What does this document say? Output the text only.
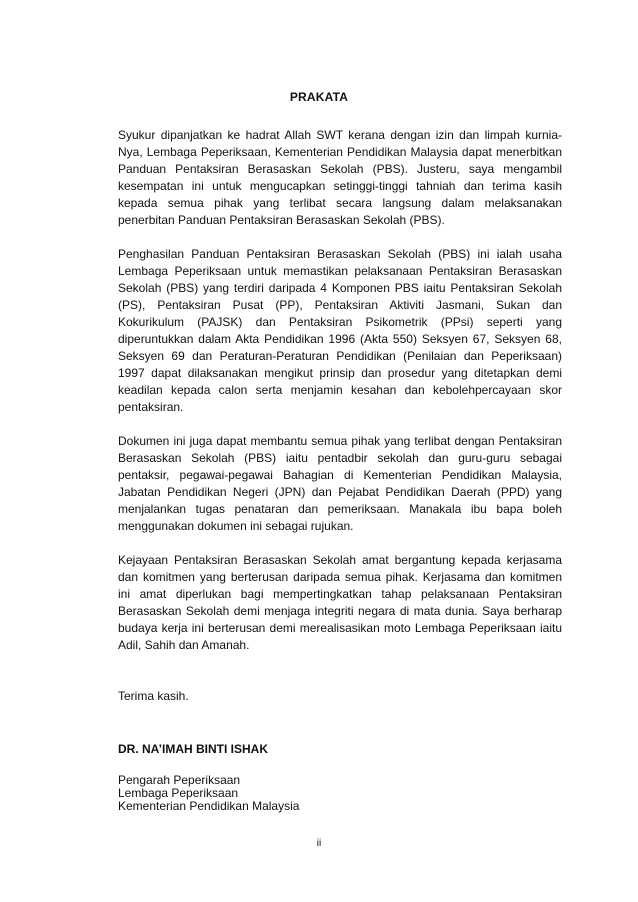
PRAKATA

Syukur dipanjatkan ke hadrat Allah SWT kerana dengan izin dan limpah kurnia-Nya, Lembaga Peperiksaan, Kementerian Pendidikan Malaysia dapat menerbitkan Panduan Pentaksiran Berasaskan Sekolah (PBS). Justeru, saya mengambil kesempatan ini untuk mengucapkan setinggi-tinggi tahniah dan terima kasih kepada semua pihak yang terlibat secara langsung dalam melaksanakan penerbitan Panduan Pentaksiran Berasaskan Sekolah (PBS).

Penghasilan Panduan Pentaksiran Berasaskan Sekolah (PBS) ini ialah usaha Lembaga Peperiksaan untuk memastikan pelaksanaan Pentaksiran Berasaskan Sekolah (PBS) yang terdiri daripada 4 Komponen PBS iaitu Pentaksiran Sekolah (PS), Pentaksiran Pusat (PP), Pentaksiran Aktiviti Jasmani, Sukan dan Kokurikulum (PAJSK) dan Pentaksiran Psikometrik (PPsi) seperti yang diperuntukkan dalam Akta Pendidikan 1996 (Akta 550) Seksyen 67, Seksyen 68, Seksyen 69 dan Peraturan-Peraturan Pendidikan (Penilaian dan Peperiksaan) 1997 dapat dilaksanakan mengikut prinsip dan prosedur yang ditetapkan demi keadilan kepada calon serta menjamin kesahan dan kebolehpercayaan skor pentaksiran.

Dokumen ini juga dapat membantu semua pihak yang terlibat dengan Pentaksiran Berasaskan Sekolah (PBS) iaitu pentadbir sekolah dan guru-guru sebagai pentaksir, pegawai-pegawai Bahagian di Kementerian Pendidikan Malaysia, Jabatan Pendidikan Negeri (JPN) dan Pejabat Pendidikan Daerah (PPD) yang menjalankan tugas penataran dan pemeriksaan. Manakala ibu bapa boleh menggunakan dokumen ini sebagai rujukan.

Kejayaan Pentaksiran Berasaskan Sekolah amat bergantung kepada kerjasama dan komitmen yang berterusan daripada semua pihak. Kerjasama dan komitmen ini amat diperlukan bagi mempertingkatkan tahap pelaksanaan Pentaksiran Berasaskan Sekolah demi menjaga integriti negara di mata dunia. Saya berharap budaya kerja ini berterusan demi merealisasikan moto Lembaga Peperiksaan iaitu Adil, Sahih dan Amanah.

Terima kasih.

DR. NA’IMAH BINTI ISHAK

Pengarah Peperiksaan

Lembaga Peperiksaan

Kementerian Pendidikan Malaysia

ii
